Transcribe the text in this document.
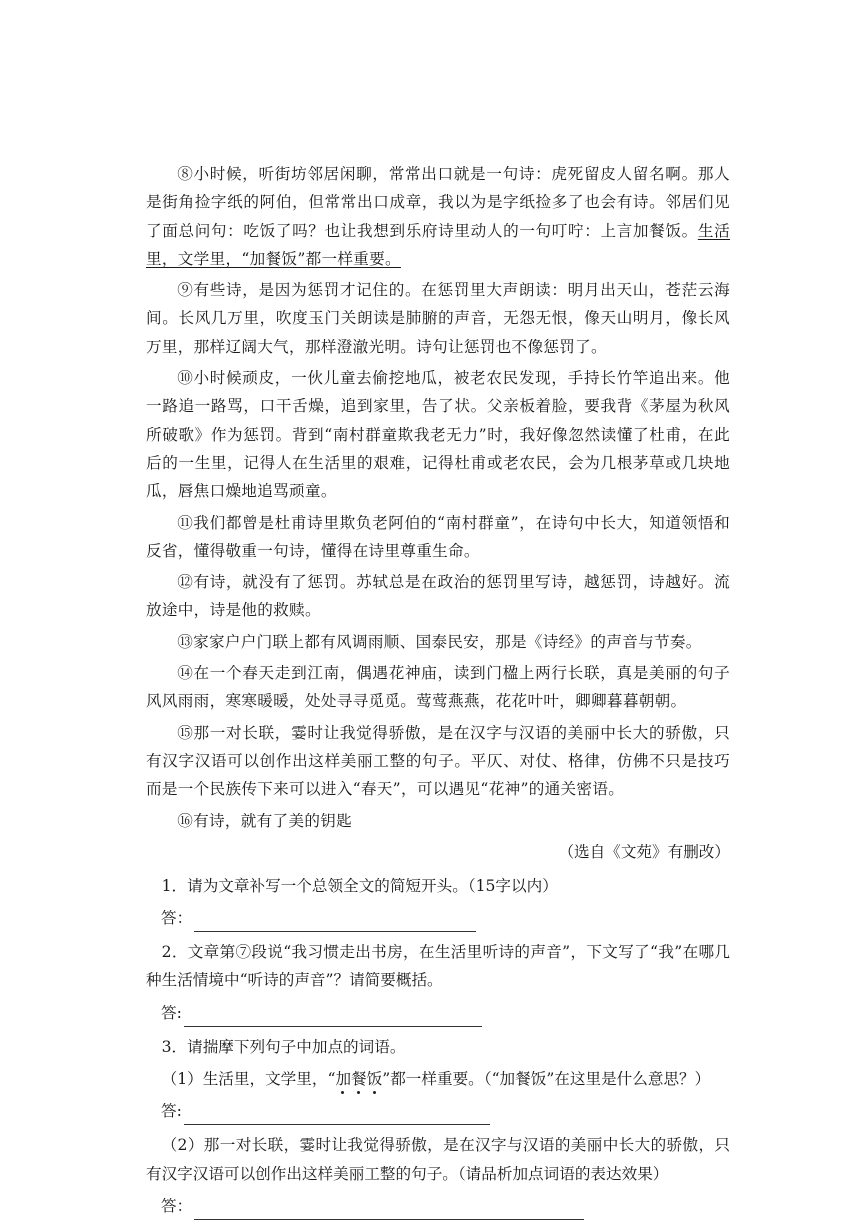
⑧小时候，听街坊邻居闲聊，常常出口就是一句诗：虎死留皮人留名啊。那人是街角捡字纸的阿伯，但常常出口成章，我以为是字纸捡多了也会有诗。邻居们见了面总问句：吃饭了吗？也让我想到乐府诗里动人的一句叮咛：上言加餐饭。生活里，文学里，“加餐饭”都一样重要。

⑨有些诗，是因为惩罚才记住的。在惩罚里大声朗读：明月出天山，苍茫云海间。长风几万里，吹度玉门关朗读是肺腑的声音，无怨无恨，像天山明月，像长风万里，那样辽阔大气，那样澄澈光明。诗句让惩罚也不像惩罚了。

⑩小时候顽皮，一伙儿童去偷挖地瓜，被老农民发现，手持长竹竿追出来。他一路追一路骂，口干舌燥，追到家里，告了状。父亲板着脸，要我背《茅屋为秋风所破歌》作为惩罚。背到“南村群童欺我老无力”时，我好像忽然读懂了杜甫，在此后的一生里，记得人在生活里的艰难，记得杜甫或老农民，会为几根茅草或几块地瓜，唇焦口燥地追骂顽童。

⑪我们都曾是杜甫诗里欺负老阿伯的“南村群童”，在诗句中长大，知道领悟和反省，懂得敬重一句诗，懂得在诗里尊重生命。

⑫有诗，就没有了惩罚。苏轼总是在政治的惩罚里写诗，越惩罚，诗越好。流放途中，诗是他的救赎。

⑬家家户户门联上都有风调雨顺、国泰民安，那是《诗经》的声音与节奏。

⑭在一个春天走到江南，偶遇花神庙，读到门楹上两行长联，真是美丽的句子风风雨雨，寒寒暖暖，处处寻寻觅觅。莺莺燕燕，花花叶叶，卿卿暮暮朝朝。

⑮那一对长联，霎时让我觉得骄傲，是在汉字与汉语的美丽中长大的骄傲，只有汉字汉语可以创作出这样美丽工整的句子。平仄、对仗、格律，仿佛不只是技巧而是一个民族传下来可以进入“春天”，可以遇见“花神”的通关密语。

⑯有诗，就有了美的钥匙

（选自《文苑》有删改）

1．请为文章补写一个总领全文的简短开头。（15字以内）

答：

2．文章第⑦段说“我习惯走出书房，在生活里听诗的声音”，下文写了“我”在哪几种生活情境中“听诗的声音”？请简要概括。

答:

3．请揣摩下列句子中加点的词语。

（1）生活里，文学里，“加餐饭
”都一样重要。（“加餐饭”在这里是什么意思？）

答:

（2）那一对长联，霎时让我觉得骄傲，是在汉字与汉语的美丽中长大的骄傲，只有汉字汉语可以创作出这样美丽工整的句子。（请品析加点词语的表达效果）

答：
